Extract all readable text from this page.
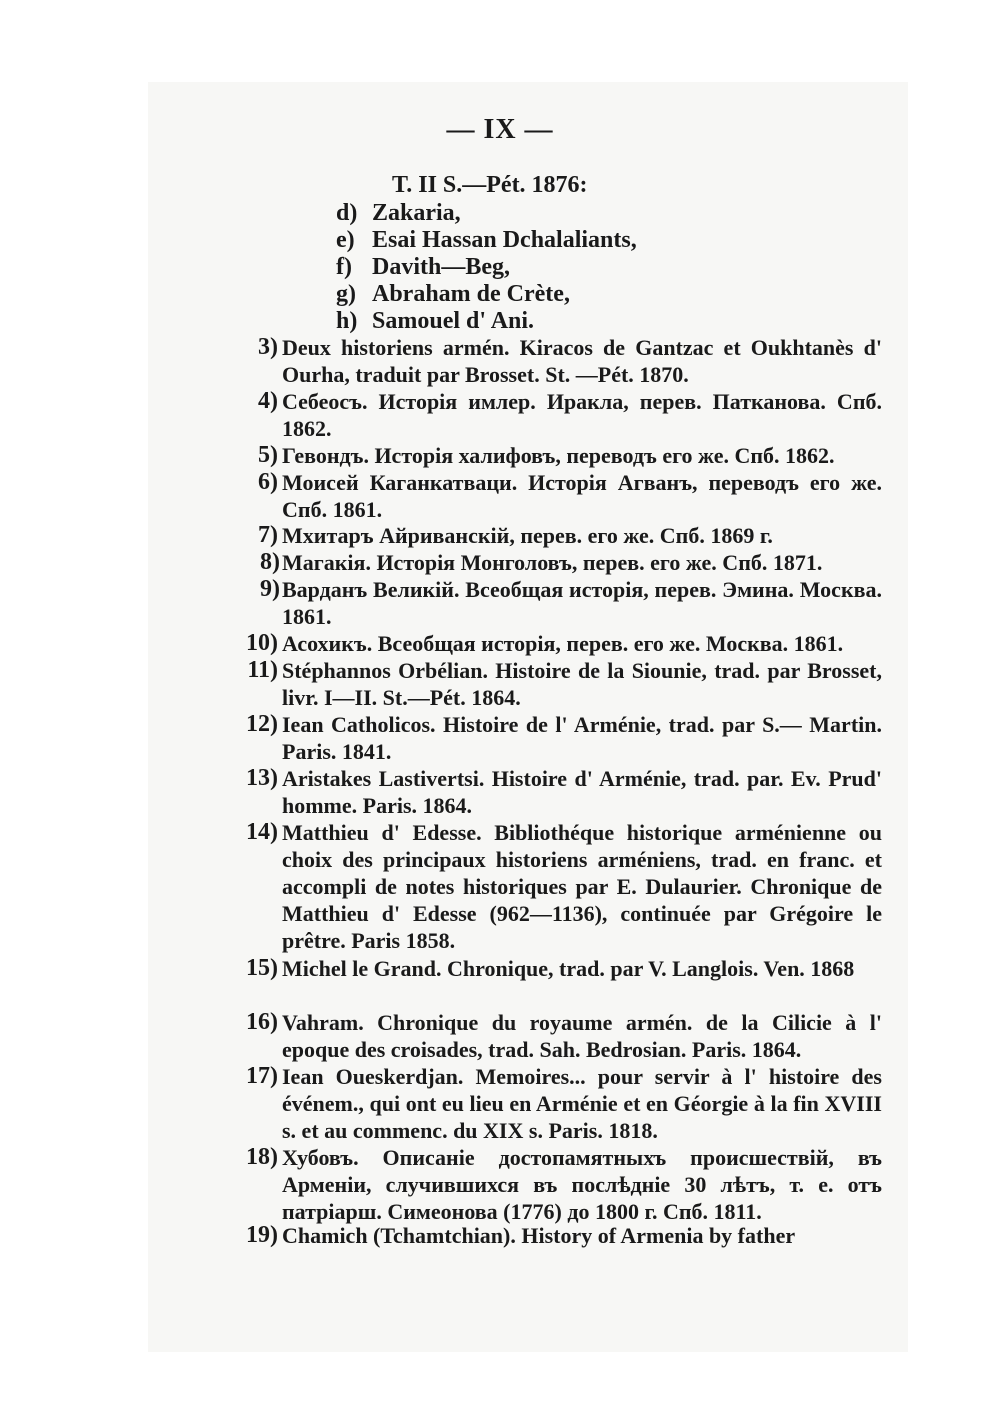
— IX —
T. II S.—Pét. 1876:
d) Zakaria,
e) Esai Hassan Dchalaliants,
f) Davith—Beg,
g) Abraham de Crète,
h) Samouel d' Ani.
3) Deux historiens armén. Kiracos de Gantzac et Oukhtanès d' Ourha, traduit par Brosset. St. —Pét. 1870.
4) Себеосъ. Исторія имлер. Иракла, перев. Патканова. Спб. 1862.
5) Гевондъ. Исторія халифовъ, переводъ его же. Спб. 1862.
6) Моисей Каганкатваци. Исторія Агванъ, переводъ его же. Спб. 1861.
7) Мхитаръ Айриванскій, перев. его же. Спб. 1869 г.
8) Магакія. Исторія Монголовъ, перев. его же. Спб. 1871.
9) Варданъ Великій. Всеобщая исторія, перев. Эмина. Москва. 1861.
10) Асохикъ. Всеобщая исторія, перев. его же. Москва. 1861.
11) Stéphannos Orbélian. Histoire de la Siounie, trad. par Brosset, livr. I—II. St.—Pét. 1864.
12) Iean Catholicos. Histoire de l' Arménie, trad. par S.— Martin. Paris. 1841.
13) Aristakes Lastivertsi. Histoire d' Arménie, trad. par. Ev. Prud' homme. Paris. 1864.
14) Matthieu d' Edesse. Bibliothéque historique arménienne ou choix des principaux historiens arméniens, trad. en franc. et accompli de notes historiques par E. Dulaurier. Chronique de Matthieu d' Edesse (962—1136), continuée par Grégoire le prêtre. Paris 1858.
15) Michel le Grand. Chronique, trad. par V. Langlois. Ven. 1868
16) Vahram. Chronique du royaume armén. de la Cilicie à l' epoque des croisades, trad. Sah. Bedrosian. Paris. 1864.
17) Iean Oueskerdjan. Memoires... pour servir à l' histoire des événem., qui ont eu lieu en Arménie et en Géorgie à la fin XVIII s. et au commenc. du XIX s. Paris. 1818.
18) Хубовъ. Описаніе достопамятныхъ происшествій, въ Арменіи, случившихся въ послѣдніе 30 лѣтъ, т. е. отъ патріарш. Симеонова (1776) до 1800 г. Спб. 1811.
19) Chamich (Tchamtchian). History of Armenia by father
